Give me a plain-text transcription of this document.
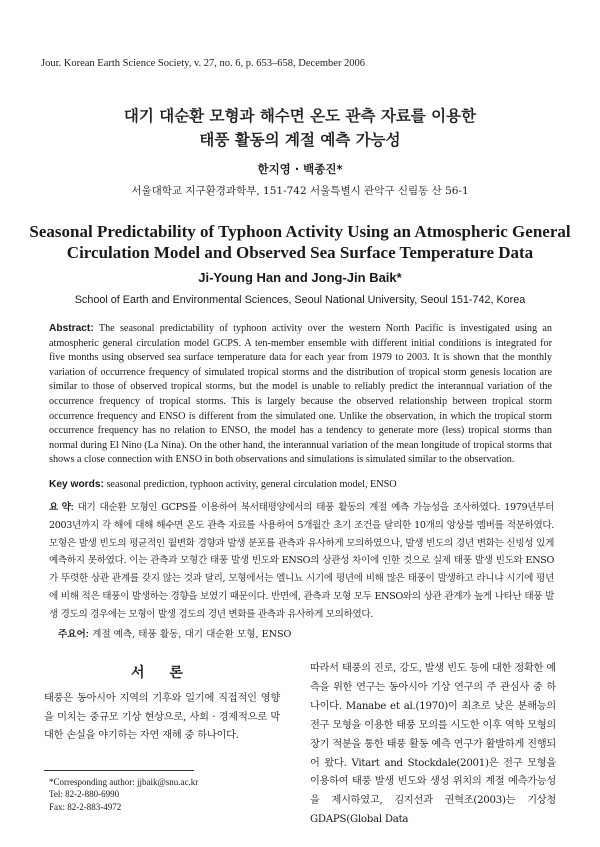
Jour. Korean Earth Science Society, v. 27, no. 6, p. 653–658, December 2006
대기 대순환 모형과 해수면 온도 관측 자료를 이용한
태풍 활동의 계절 예측 가능성
한지영 · 백종진*
서울대학교 지구환경과학부, 151-742 서울특별시 관악구 신림동 산 56-1
Seasonal Predictability of Typhoon Activity Using an Atmospheric General
Circulation Model and Observed Sea Surface Temperature Data
Ji-Young Han and Jong-Jin Baik*
School of Earth and Environmental Sciences, Seoul National University, Seoul 151-742, Korea

Abstract: The seasonal predictability of typhoon activity over the western North Pacific is investigated using an atmospheric general circulation model GCPS. A ten-member ensemble with different initial conditions is integrated for five months using observed sea surface temperature data for each year from 1979 to 2003. It is shown that the monthly variation of occurrence frequency of simulated tropical storms and the distribution of tropical storm genesis location are similar to those of observed tropical storms, but the model is unable to reliably predict the interannual variation of the occurrence frequency of tropical storms. This is largely because the observed relationship between tropical storm occurrence frequency and ENSO is different from the simulated one. Unlike the observation, in which the tropical storm occurrence frequency has no relation to ENSO, the model has a tendency to generate more (less) tropical storms than normal during El Nino (La Nina). On the other hand, the interannual variation of the mean longitude of tropical storms that shows a close connection with ENSO in both observations and simulations is simulated similar to the observation.

Key words: seasonal prediction, typhoon activity, general circulation model, ENSO

요 약: 대기 대순환 모형인 GCPS를 이용하여 북서태평양에서의 태풍 활동의 계절 예측 가능성을 조사하였다. 1979년부터 2003년까지 각 해에 대해 해수면 온도 관측 자료를 사용하여 5개월간 초기 조건을 달리한 10개의 앙상블 멤버를 적분하였다. 모형은 발생 빈도의 평균적인 월변화 경향과 발생 분포를 관측과 유사하게 모의하였으나, 발생 빈도의 경년 변화는 신빙성 있게 예측하지 못하였다. 이는 관측과 모형간 태풍 발생 빈도와 ENSO의 상관성 차이에 인한 것으로 실제 태풍 발생 빈도와 ENSO가 뚜렷한 상관 관계를 갖지 않는 것과 달리, 모형에서는 엘니뇨 시기에 평년에 비해 많은 태풍이 발생하고 라니냐 시기에 평년에 비해 적은 태풍이 발생하는 경향을 보였기 때문이다. 반면에, 관측과 모형 모두 ENSO와의 상관 관계가 높게 나타난 태풍 발생 경도의 경우에는 모형이 발생 경도의 경년 변화를 관측과 유사하게 모의하였다.

주요어: 계절 예측, 태풍 활동, 대기 대순환 모형, ENSO
서 론

태풍은 동아시아 지역의 기후와 일기에 직접적인 영향을 미치는 중규모 기상 현상으로, 사회 · 경제적으로 막대한 손실을 야기하는 자연 재해 중 하나이다.

따라서 태풍의 진로, 강도, 발생 빈도 등에 대한 정확한 예측을 위한 연구는 동아시아 기상 연구의 주 관심사 중 하나이다. Manabe et al.(1970)이 최초로 낮은 분해능의 전구 모형을 이용한 태풍 모의를 시도한 이후 역학 모형의 장기 적분을 통한 태풍 활동 예측 연구가 활발하게 진행되어 왔다. Vitart and Stockdale(2001)은 전구 모형을 이용하여 태풍 발생 빈도와 생성 위치의 계절 예측가능성을 제시하였고, 김지선과 권혁조(2003)는 기상청 GDAPS(Global Data

*Corresponding author: jjbaik@snu.ac.kr
Tel: 82-2-880-6990
Fax: 82-2-883-4972
